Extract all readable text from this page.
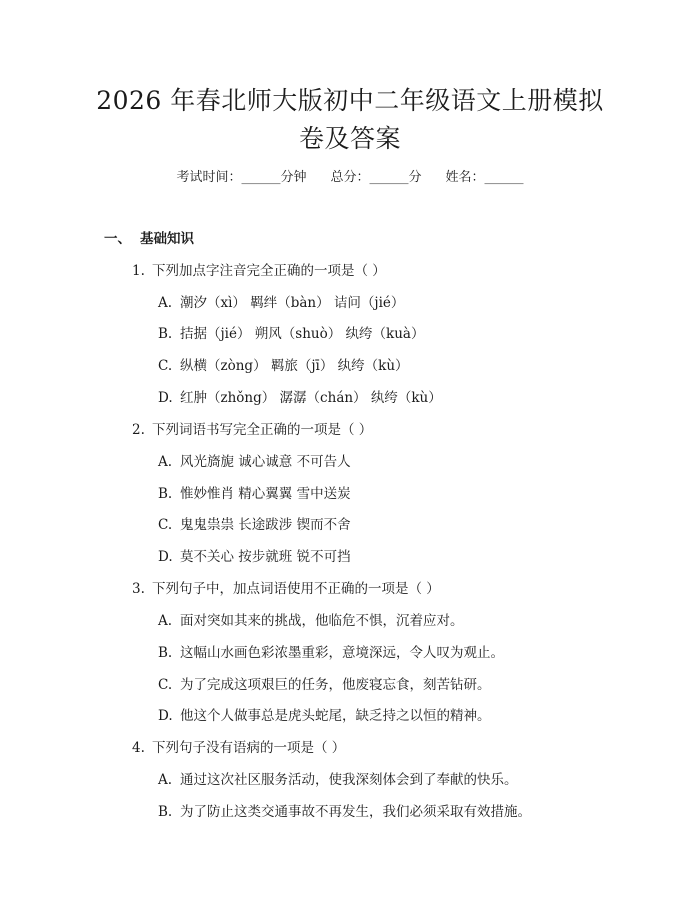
2026 年春北师大版初中二年级语文上册模拟
卷及答案
考试时间：______分钟 总分：______分 姓名：______
一、 基础知识
1. 下列加点字注音完全正确的一项是（ ）
A. 潮汐（xì） 羁绊（bàn） 诘问（jié）
B. 拮据（jié） 朔风（shuò） 纨绔（kuà）
C. 纵横（zòng） 羁旅（jī） 纨绔（kù）
D. 红肿（zhǒng） 潺潺（chán） 纨绔（kù）
2. 下列词语书写完全正确的一项是（ ）
A. 风光旖旎 诚心诚意 不可告人
B. 惟妙惟肖 精心翼翼 雪中送炭
C. 鬼鬼祟祟 长途跋涉 锲而不舍
D. 莫不关心 按步就班 锐不可挡
3. 下列句子中，加点词语使用不正确的一项是（ ）
A. 面对突如其来的挑战，他临危不惧，沉着应对。
B. 这幅山水画色彩浓墨重彩，意境深远，令人叹为观止。
C. 为了完成这项艰巨的任务，他废寝忘食，刻苦钻研。
D. 他这个人做事总是虎头蛇尾，缺乏持之以恒的精神。
4. 下列句子没有语病的一项是（ ）
A. 通过这次社区服务活动，使我深刻体会到了奉献的快乐。
B. 为了防止这类交通事故不再发生，我们必须采取有效措施。
